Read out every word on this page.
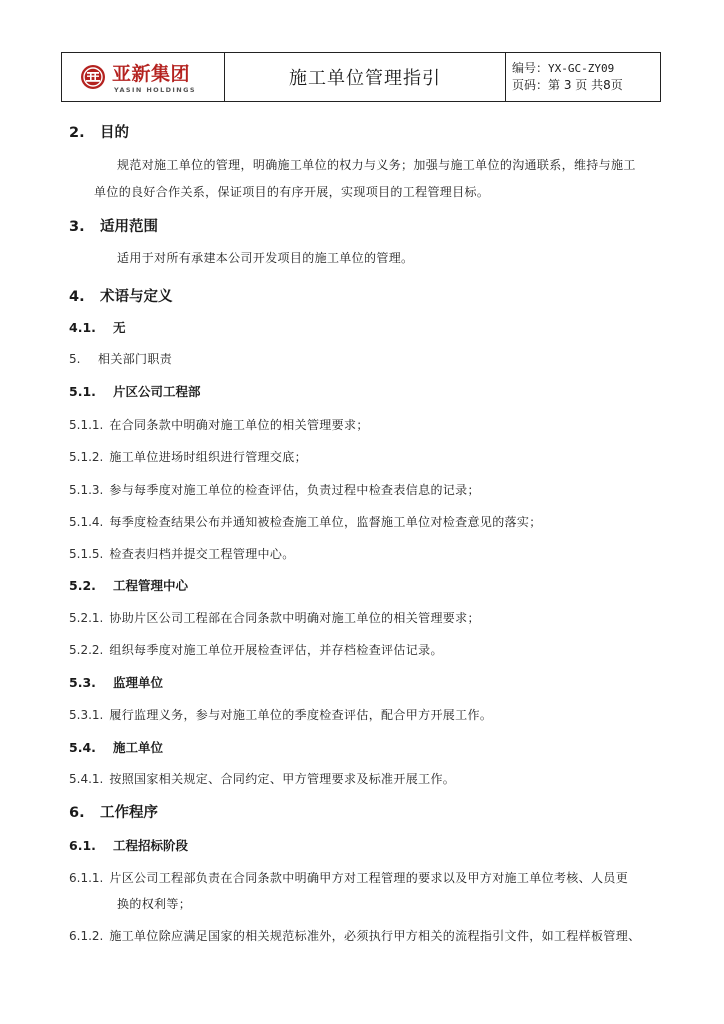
亚新集团
YASIN HOLDINGS
施工单位管理指引	编号：YX-GC-ZY09
页码：第 3 页 共8页
2. 目的
规范对施工单位的管理，明确施工单位的权力与义务；加强与施工单位的沟通联系，维持与施工
单位的良好合作关系，保证项目的有序开展，实现项目的工程管理目标。
3. 适用范围
适用于对所有承建本公司开发项目的施工单位的管理。
4. 术语与定义
4.1. 无
5. 相关部门职责
5.1. 片区公司工程部
5.1.1. 在合同条款中明确对施工单位的相关管理要求；
5.1.2. 施工单位进场时组织进行管理交底；
5.1.3. 参与每季度对施工单位的检查评估，负责过程中检查表信息的记录；
5.1.4. 每季度检查结果公布并通知被检查施工单位，监督施工单位对检查意见的落实；
5.1.5. 检查表归档并提交工程管理中心。
5.2. 工程管理中心
5.2.1. 协助片区公司工程部在合同条款中明确对施工单位的相关管理要求；
5.2.2. 组织每季度对施工单位开展检查评估，并存档检查评估记录。
5.3. 监理单位
5.3.1. 履行监理义务，参与对施工单位的季度检查评估，配合甲方开展工作。
5.4. 施工单位
5.4.1. 按照国家相关规定、合同约定、甲方管理要求及标准开展工作。
6. 工作程序
6.1. 工程招标阶段
6.1.1. 片区公司工程部负责在合同条款中明确甲方对工程管理的要求以及甲方对施工单位考核、人员更
换的权利等；
6.1.2. 施工单位除应满足国家的相关规范标准外，必须执行甲方相关的流程指引文件，如工程样板管理、
